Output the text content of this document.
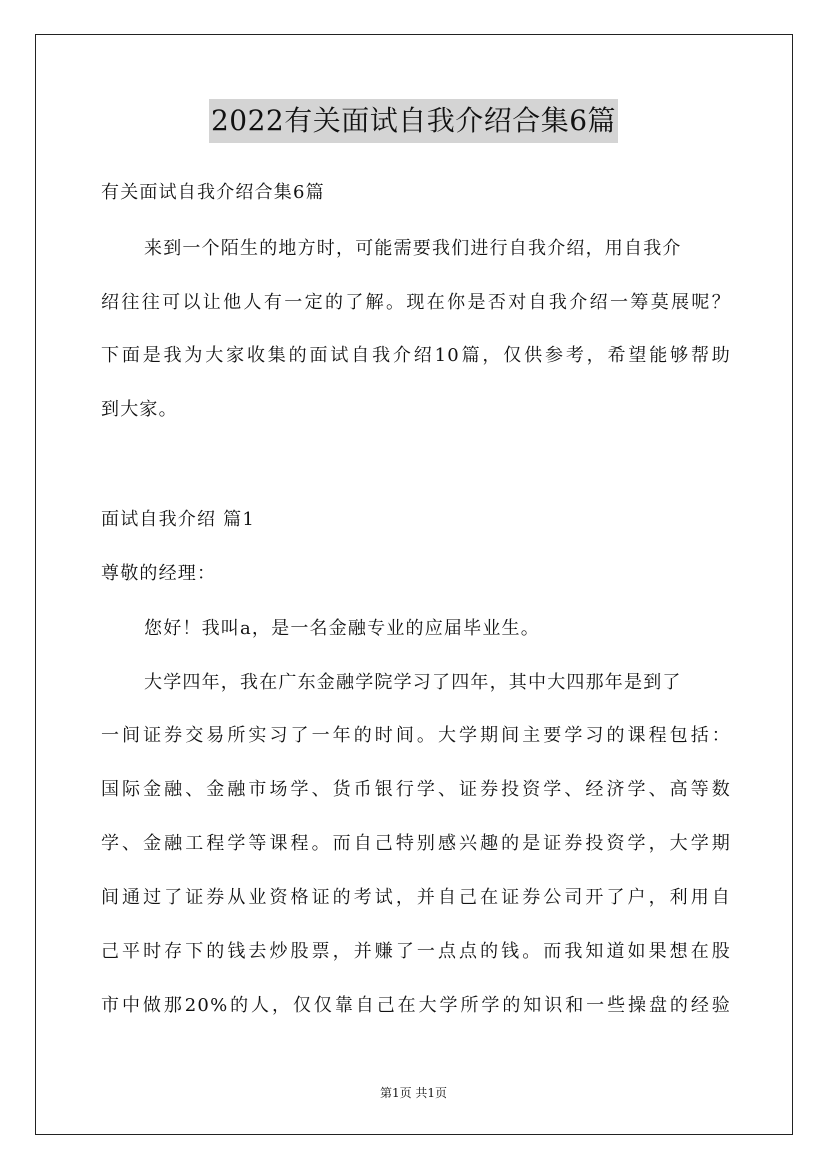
2022有关面试自我介绍合集6篇
有关面试自我介绍合集6篇
来到一个陌生的地方时，可能需要我们进行自我介绍，用自我介
绍往往可以让他人有一定的了解。现在你是否对自我介绍一筹莫展呢？
下面是我为大家收集的面试自我介绍10篇，仅供参考，希望能够帮助
到大家。
面试自我介绍 篇1
尊敬的经理：
您好！我叫a，是一名金融专业的应届毕业生。
大学四年，我在广东金融学院学习了四年，其中大四那年是到了
一间证券交易所实习了一年的时间。大学期间主要学习的课程包括：
国际金融、金融市场学、货币银行学、证券投资学、经济学、高等数
学、金融工程学等课程。而自己特别感兴趣的是证券投资学，大学期
间通过了证券从业资格证的考试，并自己在证券公司开了户，利用自
己平时存下的钱去炒股票，并赚了一点点的钱。而我知道如果想在股
市中做那20%的人，仅仅靠自己在大学所学的知识和一些操盘的经验
第1页 共1页
